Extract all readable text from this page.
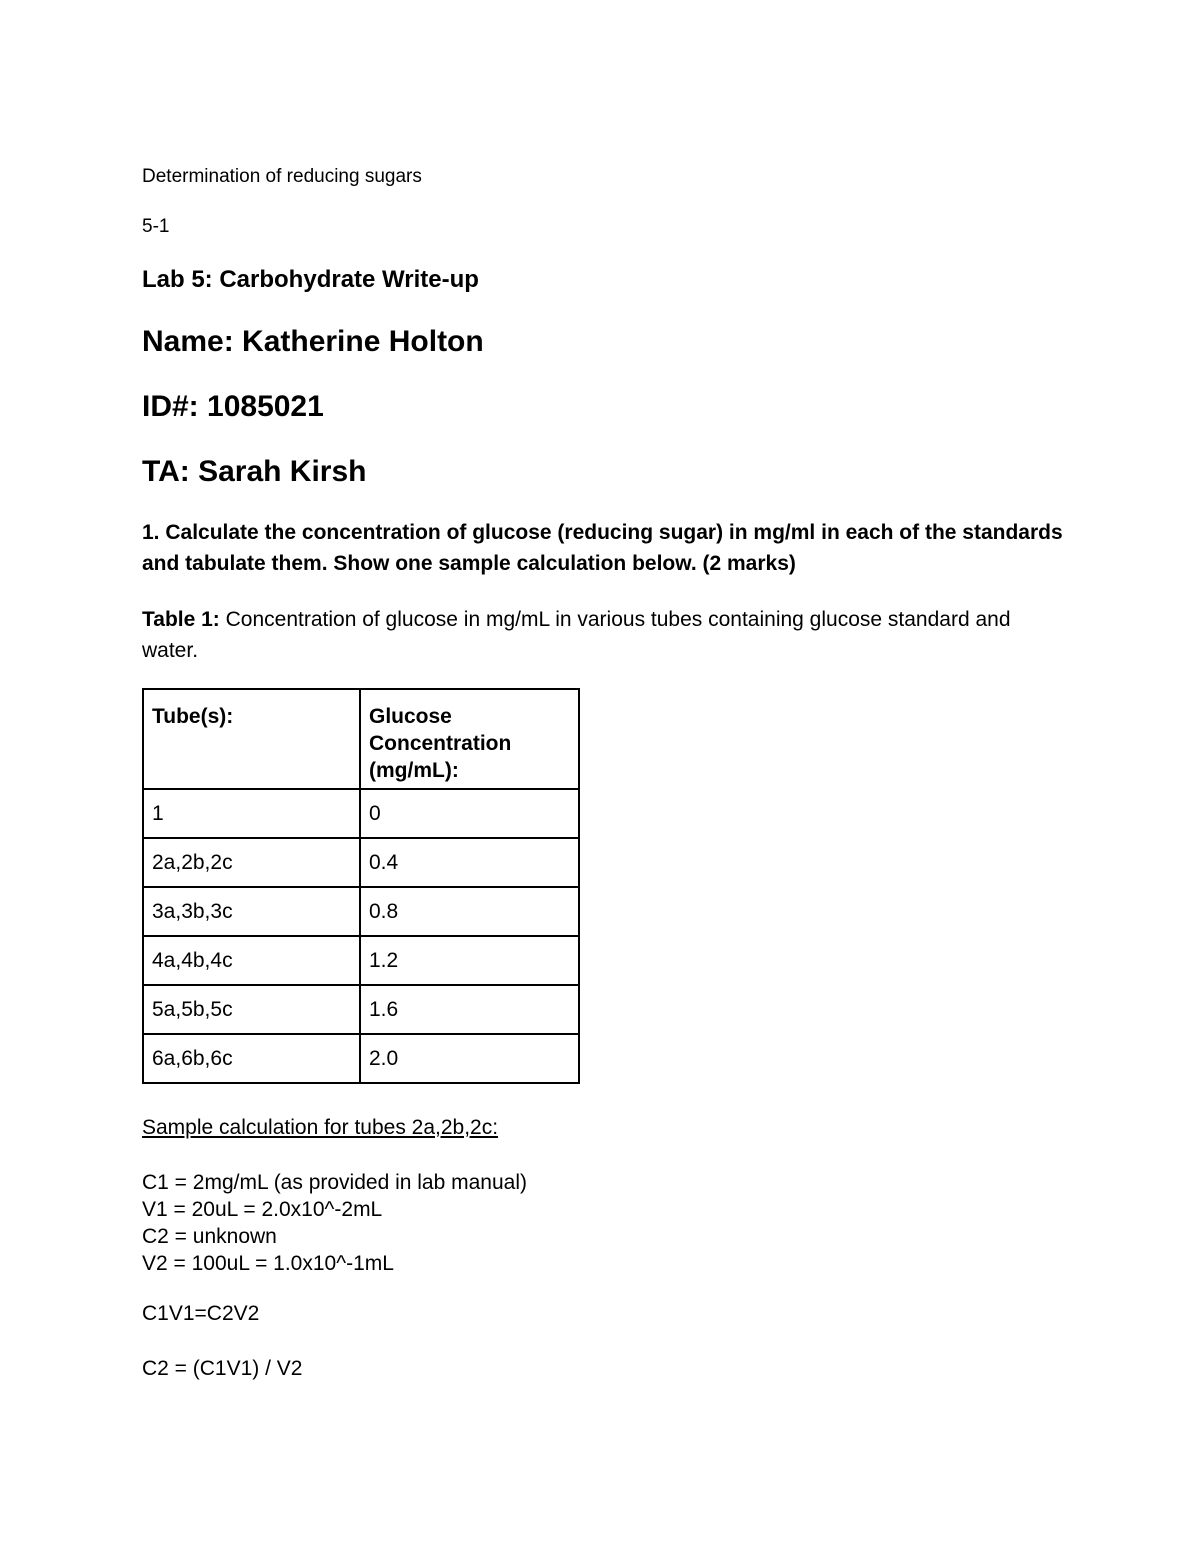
Determination of reducing sugars

5-1

Lab 5: Carbohydrate Write-up

Name: Katherine Holton

ID#: 1085021

TA: Sarah Kirsh

1. Calculate the concentration of glucose (reducing sugar) in mg/ml in each of the standards and tabulate them. Show one sample calculation below. (2 marks)

Table 1: Concentration of glucose in mg/mL in various tubes containing glucose standard and water.

Tube(s):	Glucose Concentration (mg/mL):
1	0
2a,2b,2c	0.4
3a,3b,3c	0.8
4a,4b,4c	1.2
5a,5b,5c	1.6
6a,6b,6c	2.0

Sample calculation for tubes 2a,2b,2c:

C1 = 2mg/mL (as provided in lab manual)

V1 = 20uL = 2.0x10^-2mL

C2 = unknown

V2 = 100uL = 1.0x10^-1mL

C1V1=C2V2

C2 = (C1V1) / V2
